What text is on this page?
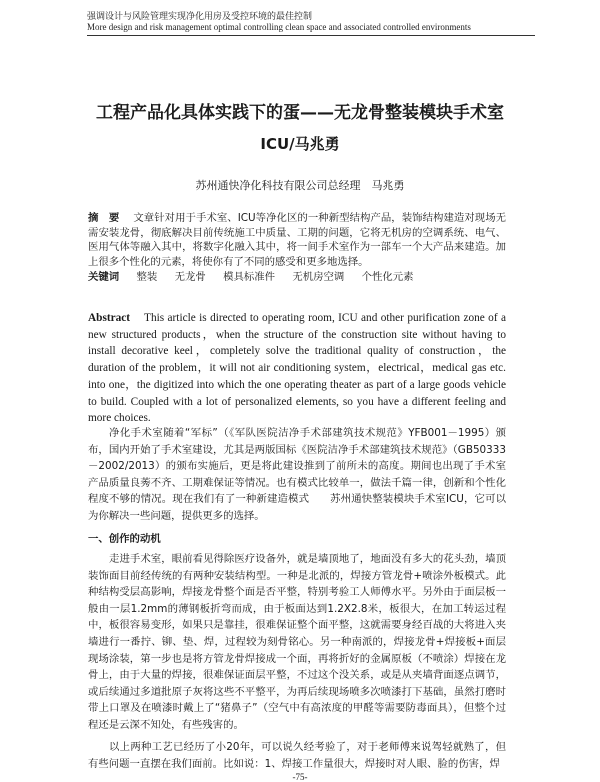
强调设计与风险管理实现净化用房及受控环境的最佳控制
More design and risk management optimal controlling clean space and associated controlled environments
工程产品化具体实践下的蛋——无龙骨整装模块手术室
ICU/马兆勇
苏州通快净化科技有限公司总经理　马兆勇
摘　要 文章针对用于手术室、ICU等净化区的一种新型结构产品，装饰结构建造对现场无需安装龙骨，彻底解决目前传统施工中质量、工期的问题，它将无机房的空调系统、电气、医用气体等融入其中，将数字化融入其中，将一间手术室作为一部车一个大产品来建造。加上很多个性化的元素，将使你有了不同的感受和更多地选择。
关键词 整装 无龙骨 模具标准件 无机房空调 个性化元素
Abstract This article is directed to operating room, ICU and other purification zone of a new structured products，when the structure of the construction site without having to install decorative keel，completely solve the traditional quality of construction，the duration of the problem，it will not air conditioning system，electrical，medical gas etc. into one，the digitized into which the one operating theater as part of a large goods vehicle to build. Coupled with a lot of personalized elements, so you have a different feeling and more choices.
净化手术室随着“军标”（《军队医院洁净手术部建筑技术规范》YFB001－1995）颁布，国内开始了手术室建设，尤其是两版国标《医院洁净手术部建筑技术规范》（GB50333－2002/2013）的颁布实施后，更是将此建设推到了前所未的高度。期间也出现了手术室产品质量良莠不齐、工期难保证等情况。也有模式比较单一，做法千篇一律，创新和个性化程度不够的情况。现在我们有了一种新建造模式　　苏州通快整装模块手术室ICU，它可以为你解决一些问题，提供更多的选择。
一、创作的动机
走进手术室，眼前看见得除医疗设备外，就是墙顶地了，地面没有多大的花头劲，墙顶装饰面目前经传统的有两种安装结构型。一种是北派的，焊接方管龙骨+喷涂外板模式。此种结构受层高影响，焊接龙骨整个面是否平整，特别考验工人师傅水平。另外由于面层板一般由一层1.2mm的薄钢板折弯而成，由于板面达到1.2X2.8米，板很大，在加工转运过程中，板很容易变形，如果只是靠挂，很难保证整个面平整，这就需要身经百战的大将进入夹墙进行一番拧、铆、垫、焊，过程较为刻骨铭心。另一种南派的，焊接龙骨+焊接板+面层现场涂装，第一步也是将方管龙骨焊接成一个面，再将折好的金属原板（不喷涂）焊接在龙骨上，由于大量的焊接，很难保证面层平整，不过这个没关系，或是从夹墙背面逐点调节，或后续通过多道批原子灰将这些不平整平，为再后续现场喷多次喷漆打下基础，虽然打磨时带上口罩及在喷漆时戴上了“猪鼻子”（空气中有高浓度的甲醛等需要防毒面具），但整个过程还是云深不知处，有些残害的。
以上两种工艺已经历了小20年，可以说久经考验了，对于老师傅来说驾轻就熟了，但有些问题一直摆在我们面前。比如说：1、焊接工作量很大，焊接时对人眼、脸的伤害，焊
-75-
